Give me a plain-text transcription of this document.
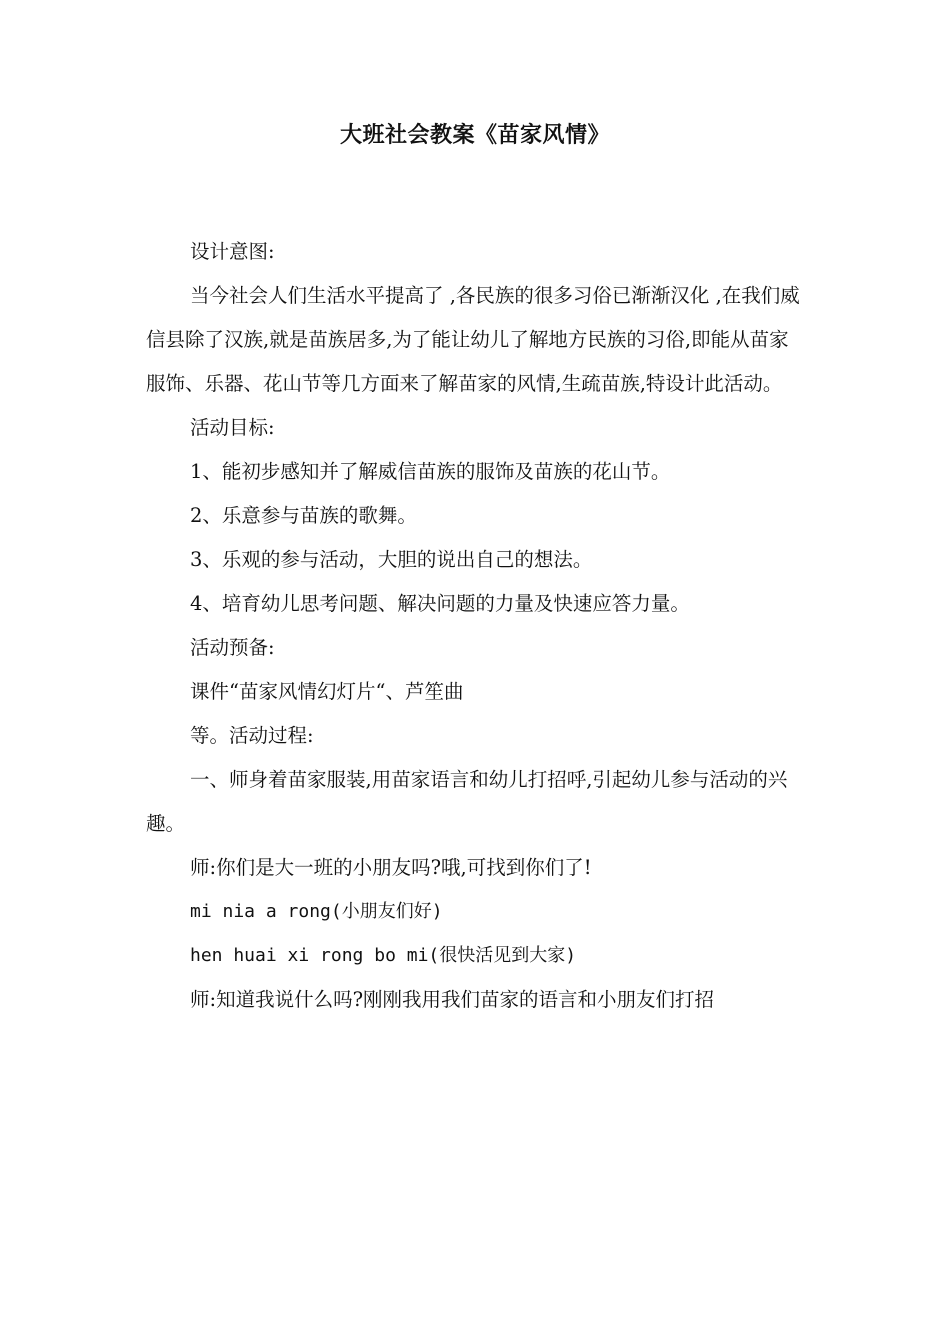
大班社会教案《苗家风情》

设计意图:

当今社会人们生活水平提高了 ,各民族的很多习俗已渐渐汉化 ,在我们威信县除了汉族,就是苗族居多,为了能让幼儿了解地方民族的习俗,即能从苗家服饰、乐器、花山节等几方面来了解苗家的风情,生疏苗族,特设计此活动。

活动目标:

1、能初步感知并了解威信苗族的服饰及苗族的花山节。

2、乐意参与苗族的歌舞。

3、乐观的参与活动，大胆的说出自己的想法。

4、培育幼儿思考问题、解决问题的力量及快速应答力量。

活动预备:

课件“苗家风情幻灯片“、芦笙曲

等。活动过程:

一、师身着苗家服装,用苗家语言和幼儿打招呼,引起幼儿参与活动的兴趣。

师:你们是大一班的小朋友吗?哦,可找到你们了!

mi nia a rong(小朋友们好)

hen huai xi rong bo mi(很快活见到大家)

师:知道我说什么吗?刚刚我用我们苗家的语言和小朋友们打招
